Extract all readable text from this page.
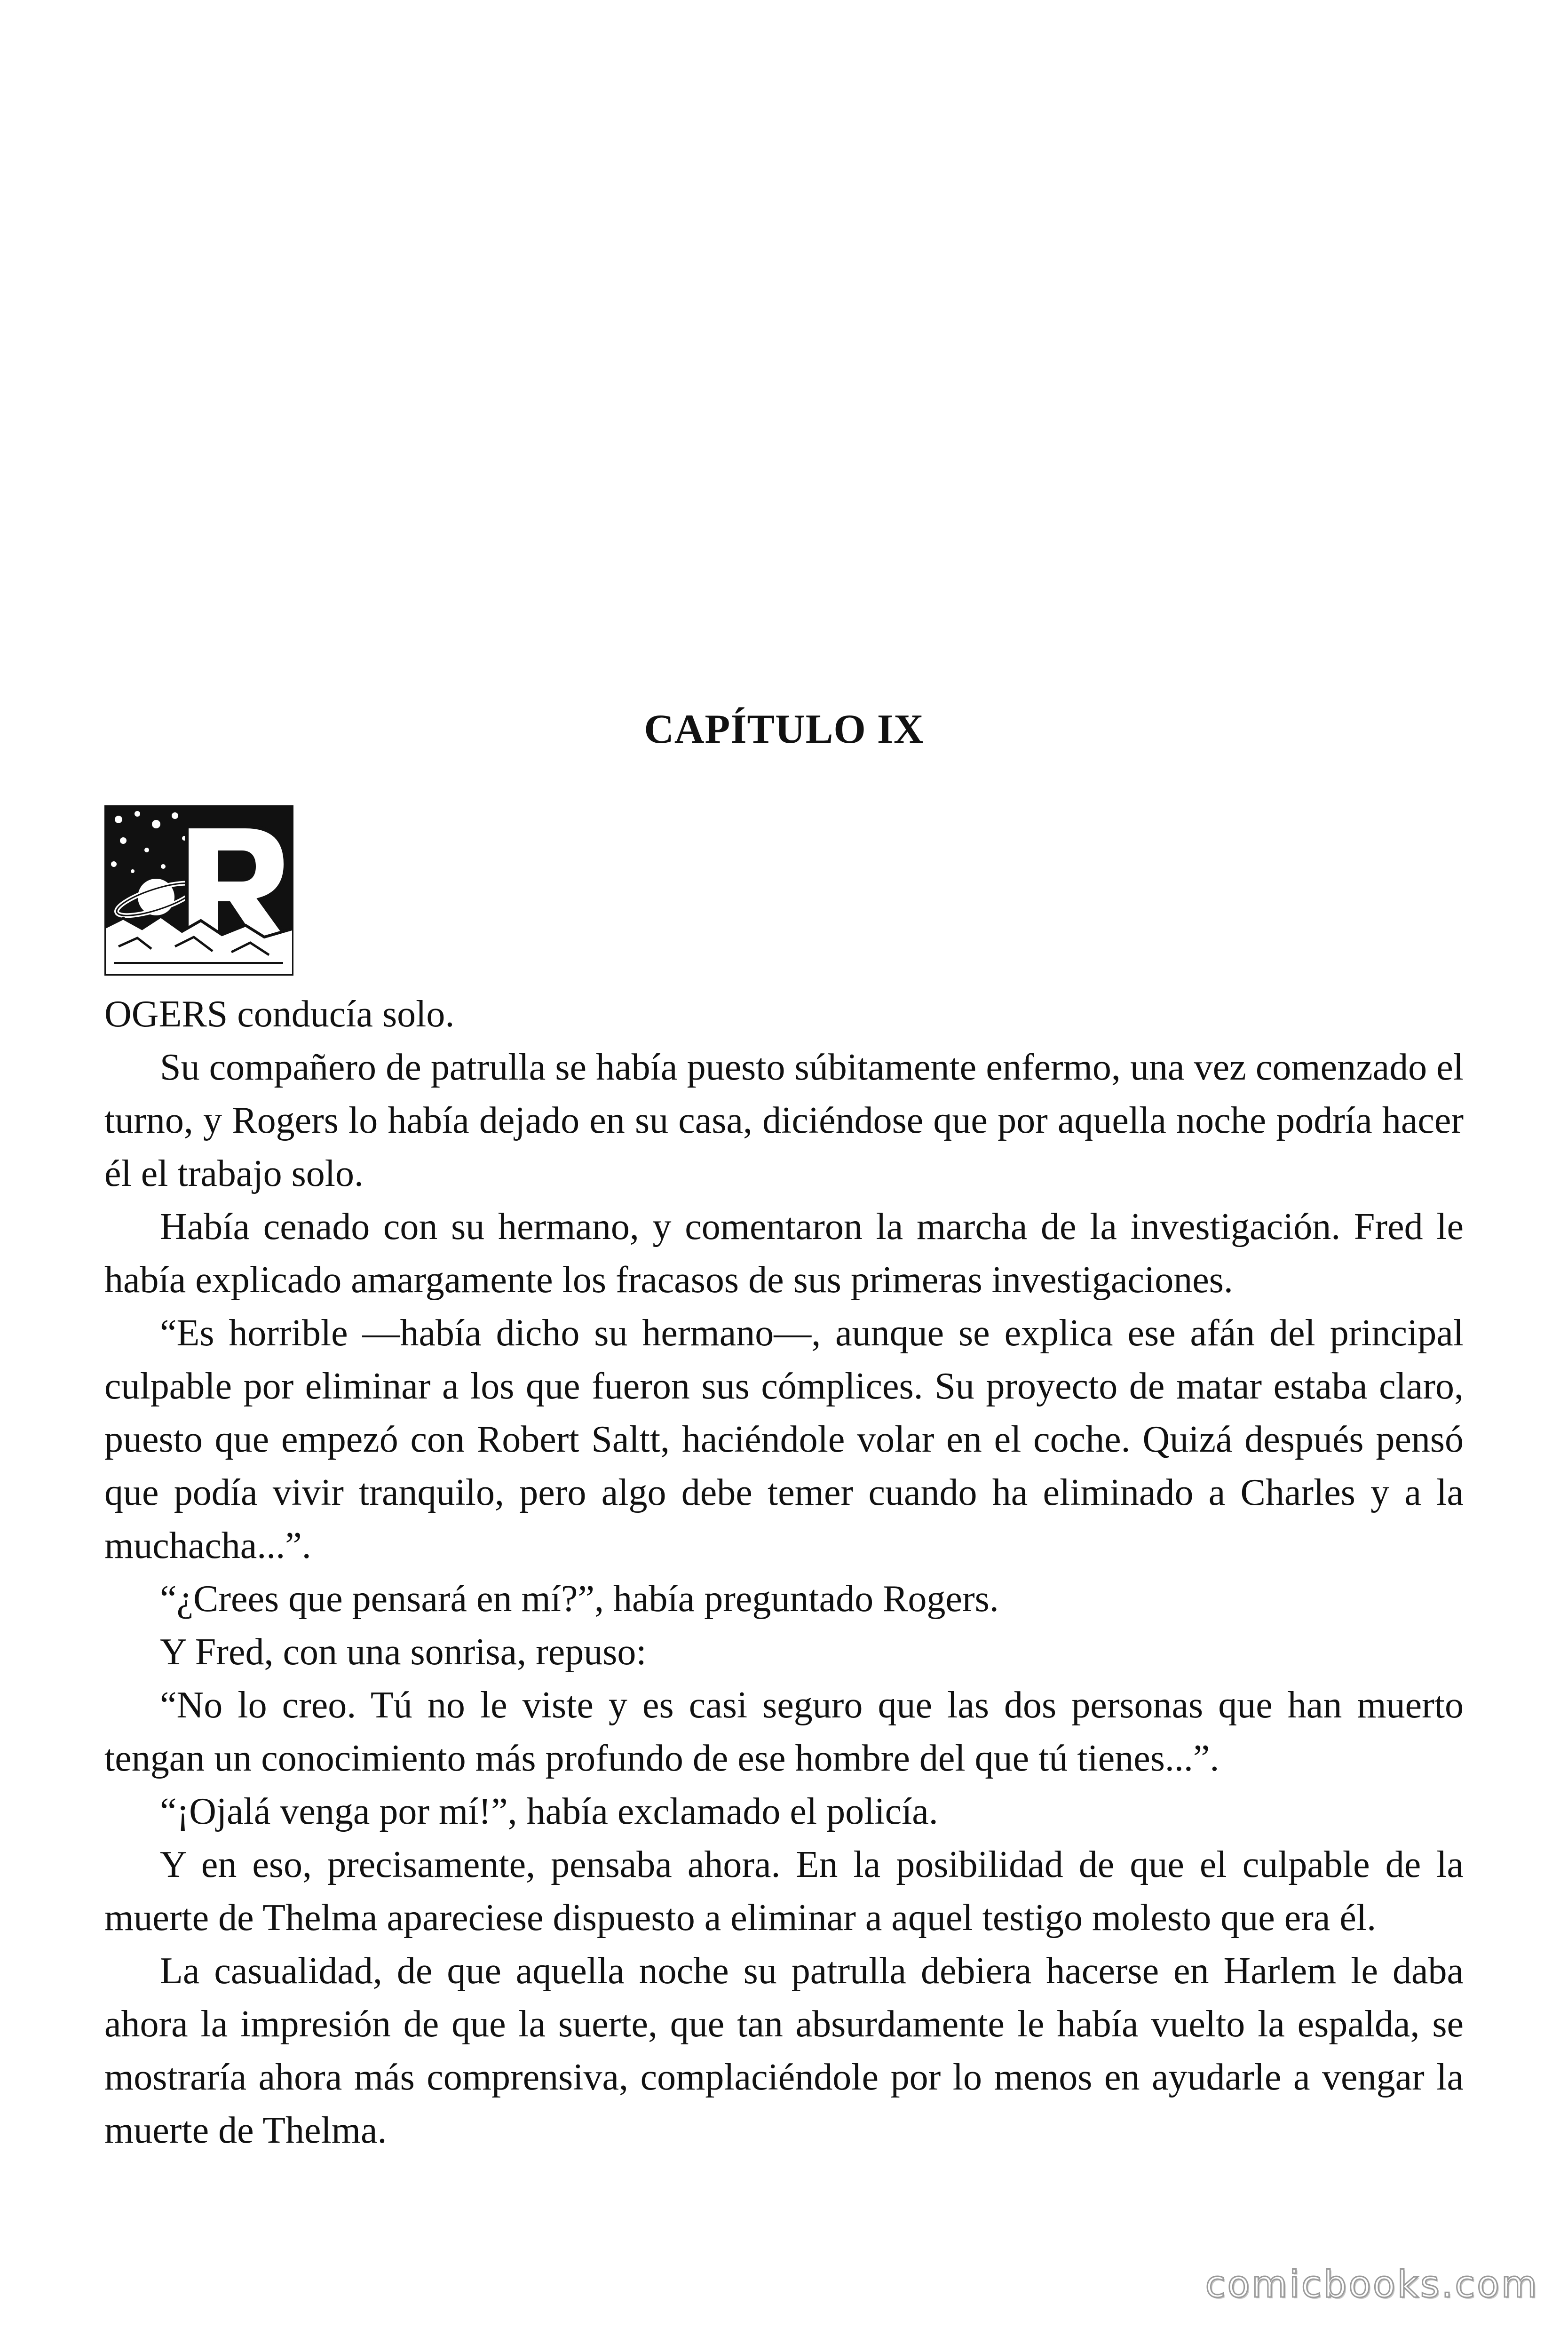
CAPÍTULO IX

OGERS conducía solo.

Su compañero de patrulla se había puesto súbitamente enfermo, una vez comenzado el turno, y Rogers lo había dejado en su casa, diciéndose que por aquella noche podría hacer él el trabajo solo.

Había cenado con su hermano, y comentaron la marcha de la investigación. Fred le había explicado amargamente los fracasos de sus primeras investigaciones.

“Es horrible —había dicho su hermano—, aunque se explica ese afán del principal culpable por eliminar a los que fueron sus cómplices. Su proyecto de matar estaba claro, puesto que empezó con Robert Saltt, haciéndole volar en el coche. Quizá después pensó que podía vivir tranquilo, pero algo debe temer cuando ha eliminado a Charles y a la muchacha...”.

“¿Crees que pensará en mí?”, había preguntado Rogers.

Y Fred, con una sonrisa, repuso:

“No lo creo. Tú no le viste y es casi seguro que las dos personas que han muerto tengan un conocimiento más profundo de ese hombre del que tú tienes...”.

“¡Ojalá venga por mí!”, había exclamado el policía.

Y en eso, precisamente, pensaba ahora. En la posibilidad de que el culpable de la muerte de Thelma apareciese dispuesto a eliminar a aquel testigo molesto que era él.

La casualidad, de que aquella noche su patrulla debiera hacerse en Harlem le daba ahora la impresión de que la suerte, que tan absurdamente le había vuelto la espalda, se mostraría ahora más comprensiva, complaciéndole por lo menos en ayudarle a vengar la muerte de Thelma.

comicbooks.com
